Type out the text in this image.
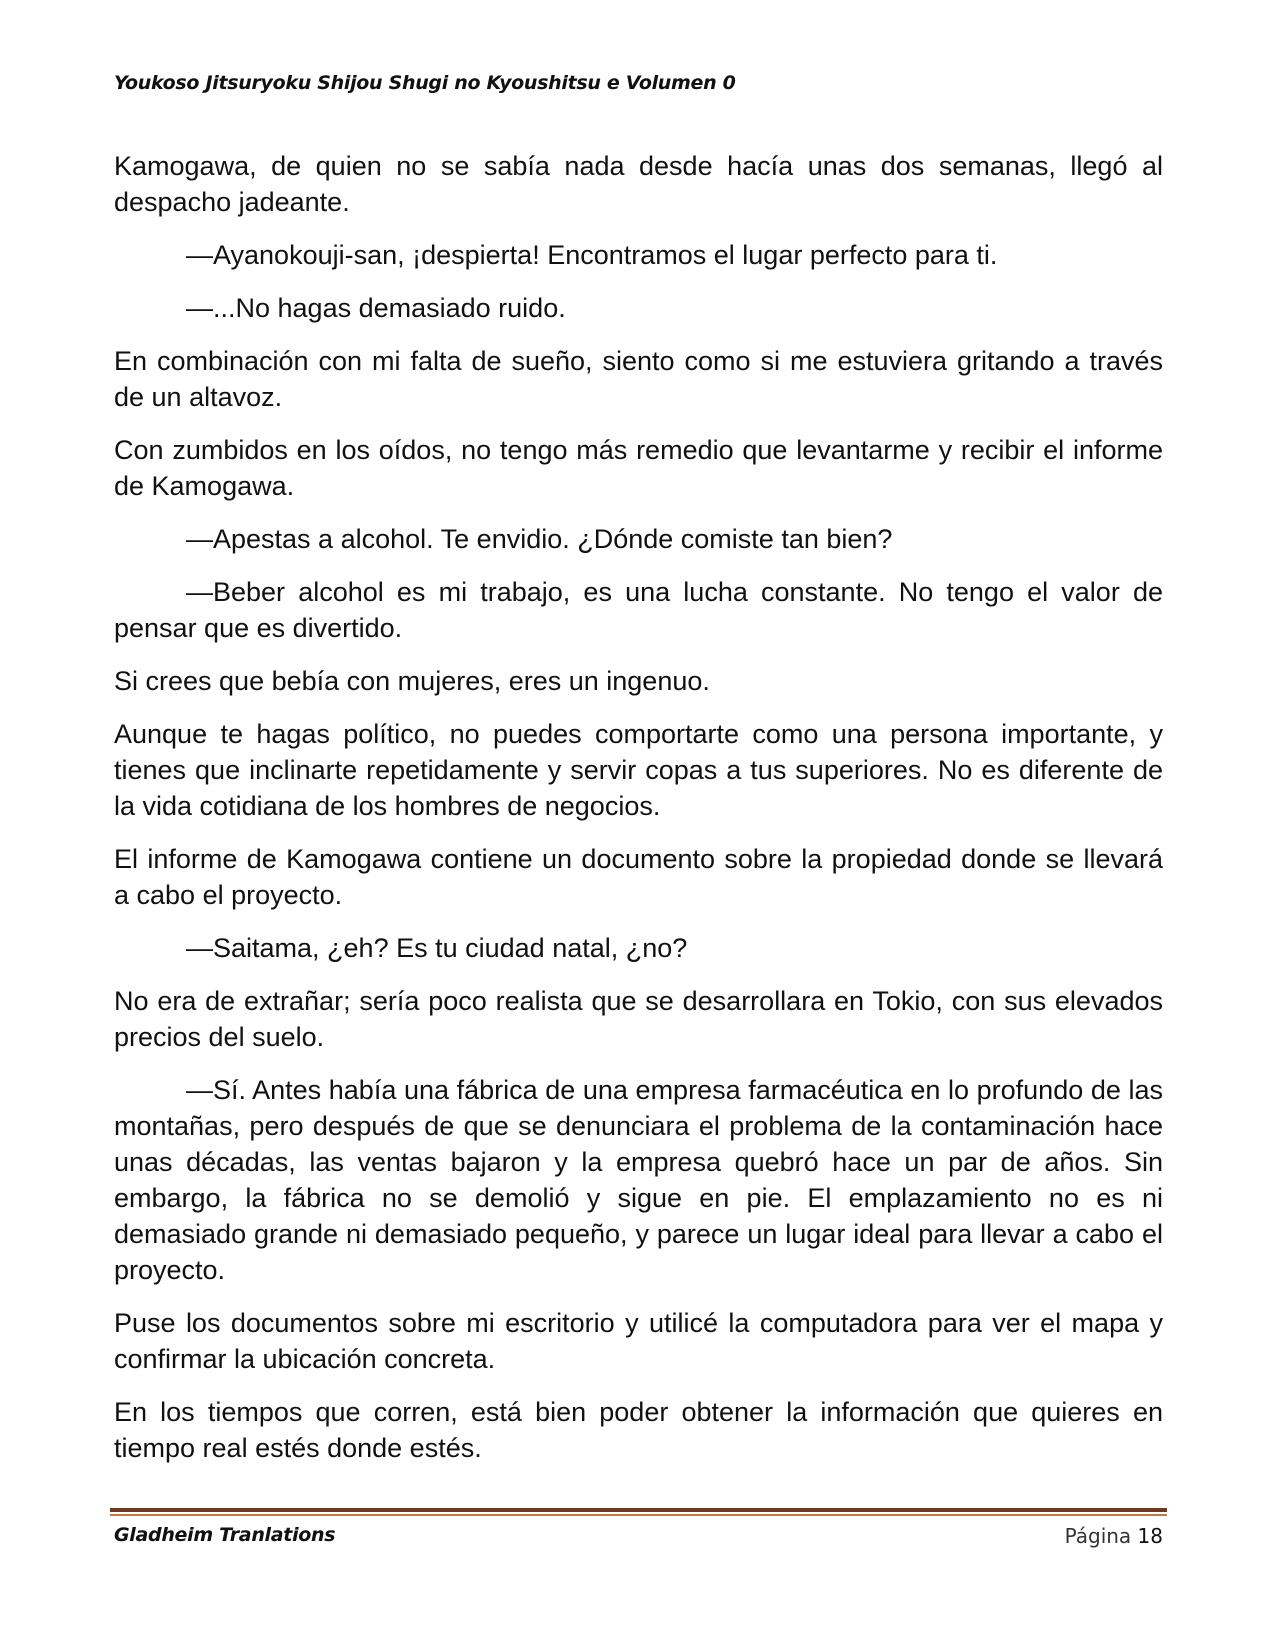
Youkoso Jitsuryoku Shijou Shugi no Kyoushitsu e Volumen 0

Kamogawa, de quien no se sabía nada desde hacía unas dos semanas, llegó al despacho jadeante.

—Ayanokouji-san, ¡despierta! Encontramos el lugar perfecto para ti.

—...No hagas demasiado ruido.

En combinación con mi falta de sueño, siento como si me estuviera gritando a través de un altavoz.

Con zumbidos en los oídos, no tengo más remedio que levantarme y recibir el informe de Kamogawa.

—Apestas a alcohol. Te envidio. ¿Dónde comiste tan bien?

—Beber alcohol es mi trabajo, es una lucha constante. No tengo el valor de pensar que es divertido.

Si crees que bebía con mujeres, eres un ingenuo.

Aunque te hagas político, no puedes comportarte como una persona importante, y tienes que inclinarte repetidamente y servir copas a tus superiores. No es diferente de la vida cotidiana de los hombres de negocios.

El informe de Kamogawa contiene un documento sobre la propiedad donde se llevará a cabo el proyecto.

—Saitama, ¿eh? Es tu ciudad natal, ¿no?

No era de extrañar; sería poco realista que se desarrollara en Tokio, con sus elevados precios del suelo.

—Sí. Antes había una fábrica de una empresa farmacéutica en lo profundo de las montañas, pero después de que se denunciara el problema de la contaminación hace unas décadas, las ventas bajaron y la empresa quebró hace un par de años. Sin embargo, la fábrica no se demolió y sigue en pie. El emplazamiento no es ni demasiado grande ni demasiado pequeño, y parece un lugar ideal para llevar a cabo el proyecto.

Puse los documentos sobre mi escritorio y utilicé la computadora para ver el mapa y confirmar la ubicación concreta.

En los tiempos que corren, está bien poder obtener la información que quieres en tiempo real estés donde estés.

Gladheim Tranlations	Página 18
